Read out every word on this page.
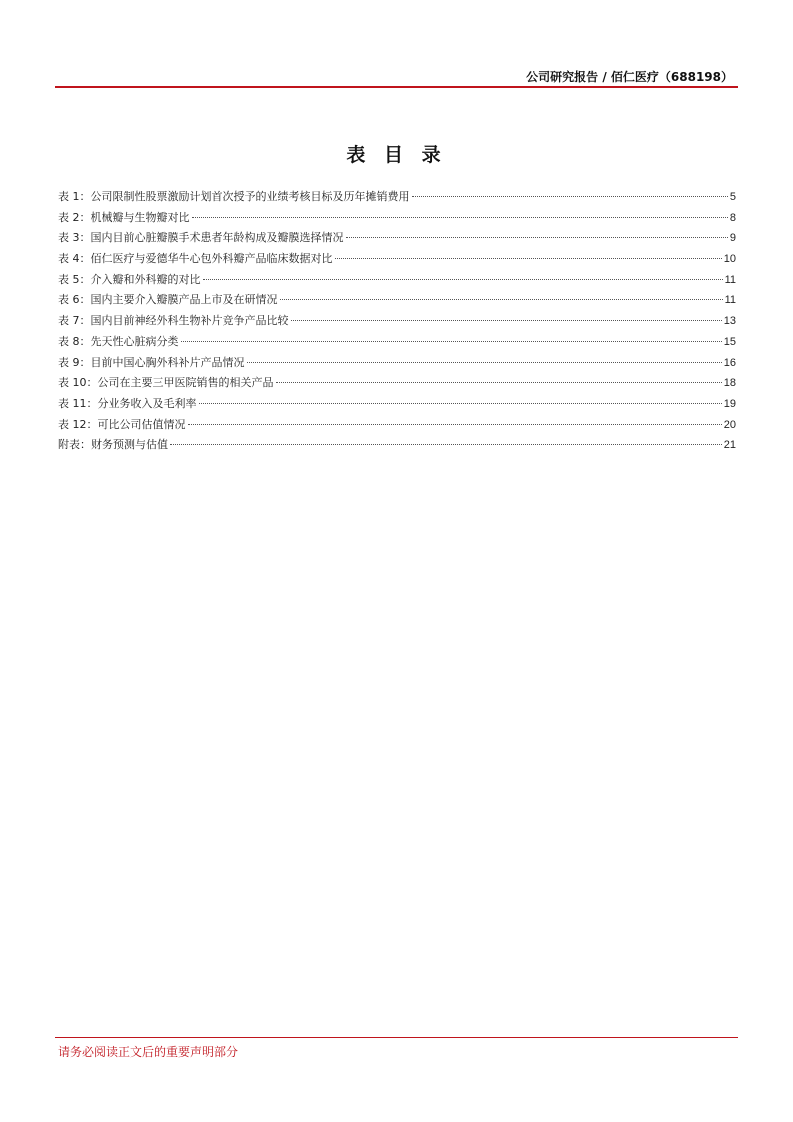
公司研究报告 / 佰仁医疗（688198）
表 目 录
表 1：公司限制性股票激励计划首次授予的业绩考核目标及历年摊销费用	5
表 2：机械瓣与生物瓣对比	8
表 3：国内目前心脏瓣膜手术患者年龄构成及瓣膜选择情况	9
表 4：佰仁医疗与爱德华牛心包外科瓣产品临床数据对比	10
表 5：介入瓣和外科瓣的对比	11
表 6：国内主要介入瓣膜产品上市及在研情况	11
表 7：国内目前神经外科生物补片竞争产品比较	13
表 8：先天性心脏病分类	15
表 9：目前中国心胸外科补片产品情况	16
表 10：公司在主要三甲医院销售的相关产品	18
表 11：分业务收入及毛利率	19
表 12：可比公司估值情况	20
附表：财务预测与估值	21
请务必阅读正文后的重要声明部分
